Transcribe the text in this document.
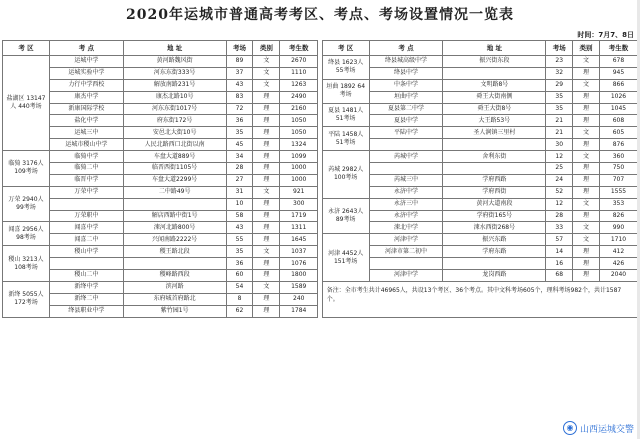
2020年运城市普通高考考区、考点、考场设置情况一览表
时间：7月7、8日
考 区	考 点	地 址	考场	类别	考生数		考 区	考 点	地 址	考场	类别	考生数
盐湖区 13147人 440考场	运城中学	黄河路魏风街	89	文	2670		绛县 1623人 55考场	绛县城高级中学	振兴街东段	23	文	678
	运城实验中学	河东东街333号	37	文	1110			绛县中学		32	理	945
	力行中学西校	解放南路231号	43	文	1263		垣曲 1892 64考场	中条中学	文明路8号	29	文	866
	康杰中学	康杰北路10号	83	理	2490			垣曲中学	舜王大街南侧	35	理	1026
	新康国际学校	河东东街1017号	72	理	2160		夏县 1481人 51考场	夏县第二中学	舜王大街8号	35	理	1045
	盐化中学	府东街172号	36	理	1050			夏县中学	大王路53号	21	理	608
	运城三中	安邑北大街10号	35	理	1050		平陆 1458人 51考场	平陆中学	圣人涧镇三里村	21	文	605
	运城市稷山中学	人民北路西口北街以南	45	理	1324					30	理	876
临猗 3176人 109考场	临猗中学	车盘大道889号	34	理	1099		芮城 2982人 100考场	芮城中学	舍利东街	12	文	360
	临猗二中	临晋西街1105号	28	理	1000					25	理	750
	临晋中学	车盘大道2299号	27	理	1000			芮城三中	学府西路	24	理	707
万荣 2940人 99考场	万荣中学	二中路49号	31	文	921			永济中学	学府西街	52	理	1555
			10	理	300		永济 2643人 89考场	永济三中	黄河大道南段	12	文	353
	万荣职中	解店西路中街1号	58	理	1719			永济中学	学府街165号	28	理	826
闻喜 2956人 98考场	闻喜中学	涑河北路800号	43	理	1311			涑北中学	涑水西街268号	33	文	990
	闻喜二中	兴闻南路2222号	55	理	1645		河津 4452人 151考场	河津中学	振兴东路	57	文	1710
稷山 3213人 108考场	稷山中学	稷王路北段	35	文	1037			河津市第二初中	学府东路	14	理	412
			36	理	1076					16	理	426
	稷山二中	稷峰路西段	60	理	1800			河津中学	龙岗西路	68	理	2040
新绛 5055人 172考场	新绛中学	滨河路	54	文	1589		备注：全市考生共计46965人，共设13个考区、36个考点。其中文科考场605个，理科考场982个，共计1587个。					
	新绛二中	东府城首府路北	8	理	240							
	绛县职业中学	紫竹园1号	62	理	1784							
◉ 山西运城交警
